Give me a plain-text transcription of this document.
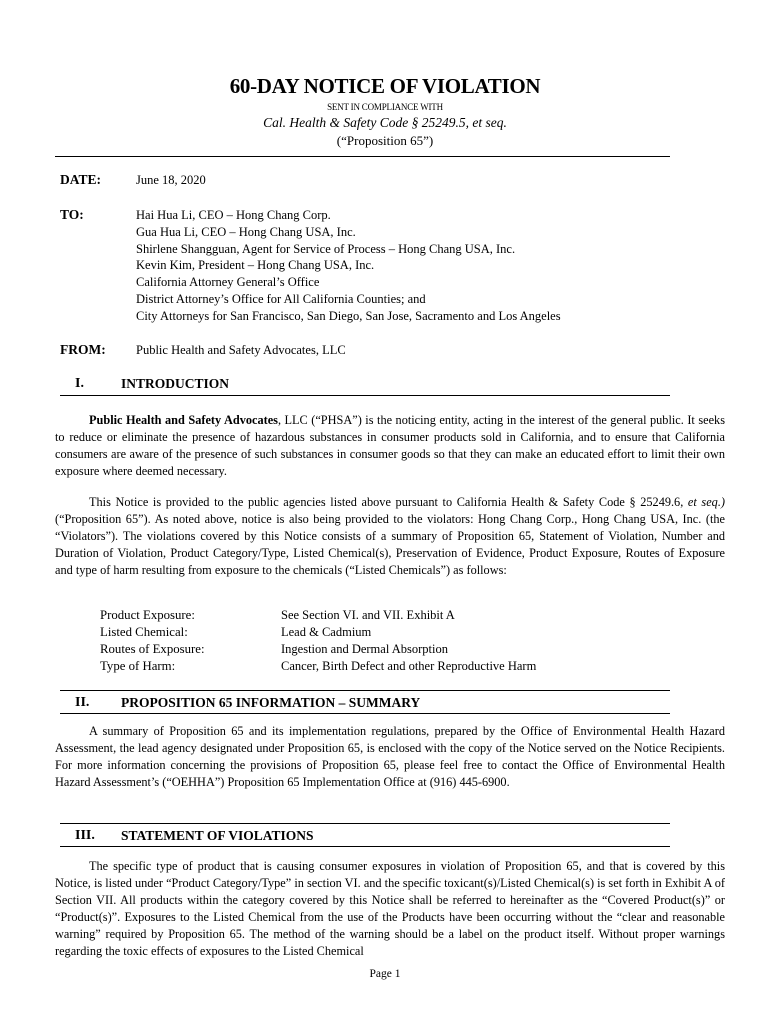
60-DAY NOTICE OF VIOLATION
SENT IN COMPLIANCE WITH
Cal. Health & Safety Code § 25249.5, et seq.
(“Proposition 65”)
DATE:	June 18, 2020
TO:	Hai Hua Li, CEO – Hong Chang Corp.
Gua Hua Li, CEO – Hong Chang USA, Inc.
Shirlene Shangguan, Agent for Service of Process – Hong Chang USA, Inc.
Kevin Kim, President – Hong Chang USA, Inc.
California Attorney General’s Office
District Attorney’s Office for All California Counties; and
City Attorneys for San Francisco, San Diego, San Jose, Sacramento and Los Angeles
FROM: Public Health and Safety Advocates, LLC
I.	INTRODUCTION
Public Health and Safety Advocates, LLC (“PHSA”) is the noticing entity, acting in the interest of the general public. It seeks to reduce or eliminate the presence of hazardous substances in consumer products sold in California, and to ensure that California consumers are aware of the presence of such substances in consumer goods so that they can make an educated effort to limit their own exposure where deemed necessary.
This Notice is provided to the public agencies listed above pursuant to California Health & Safety Code § 25249.6, et seq.) (“Proposition 65”). As noted above, notice is also being provided to the violators: Hong Chang Corp., Hong Chang USA, Inc. (the “Violators”). The violations covered by this Notice consists of a summary of Proposition 65, Statement of Violation, Number and Duration of Violation, Product Category/Type, Listed Chemical(s), Preservation of Evidence, Product Exposure, Routes of Exposure and type of harm resulting from exposure to the chemicals (“Listed Chemicals”) as follows:
Product Exposure:	See Section VI. and VII. Exhibit A
Listed Chemical:	Lead & Cadmium
Routes of Exposure:	Ingestion and Dermal Absorption
Type of Harm:	Cancer, Birth Defect and other Reproductive Harm
II. PROPOSITION 65 INFORMATION – SUMMARY
A summary of Proposition 65 and its implementation regulations, prepared by the Office of Environmental Health Hazard Assessment, the lead agency designated under Proposition 65, is enclosed with the copy of the Notice served on the Notice Recipients. For more information concerning the provisions of Proposition 65, please feel free to contact the Office of Environmental Health Hazard Assessment’s (“OEHHA”) Proposition 65 Implementation Office at (916) 445-6900.
III. STATEMENT OF VIOLATIONS
The specific type of product that is causing consumer exposures in violation of Proposition 65, and that is covered by this Notice, is listed under “Product Category/Type” in section VI. and the specific toxicant(s)/Listed Chemical(s) is set forth in Exhibit A of Section VII. All products within the category covered by this Notice shall be referred to hereinafter as the “Covered Product(s)” or “Product(s)”. Exposures to the Listed Chemical from the use of the Products have been occurring without the “clear and reasonable warning” required by Proposition 65. The method of the warning should be a label on the product itself. Without proper warnings regarding the toxic effects of exposures to the Listed Chemical
Page 1
